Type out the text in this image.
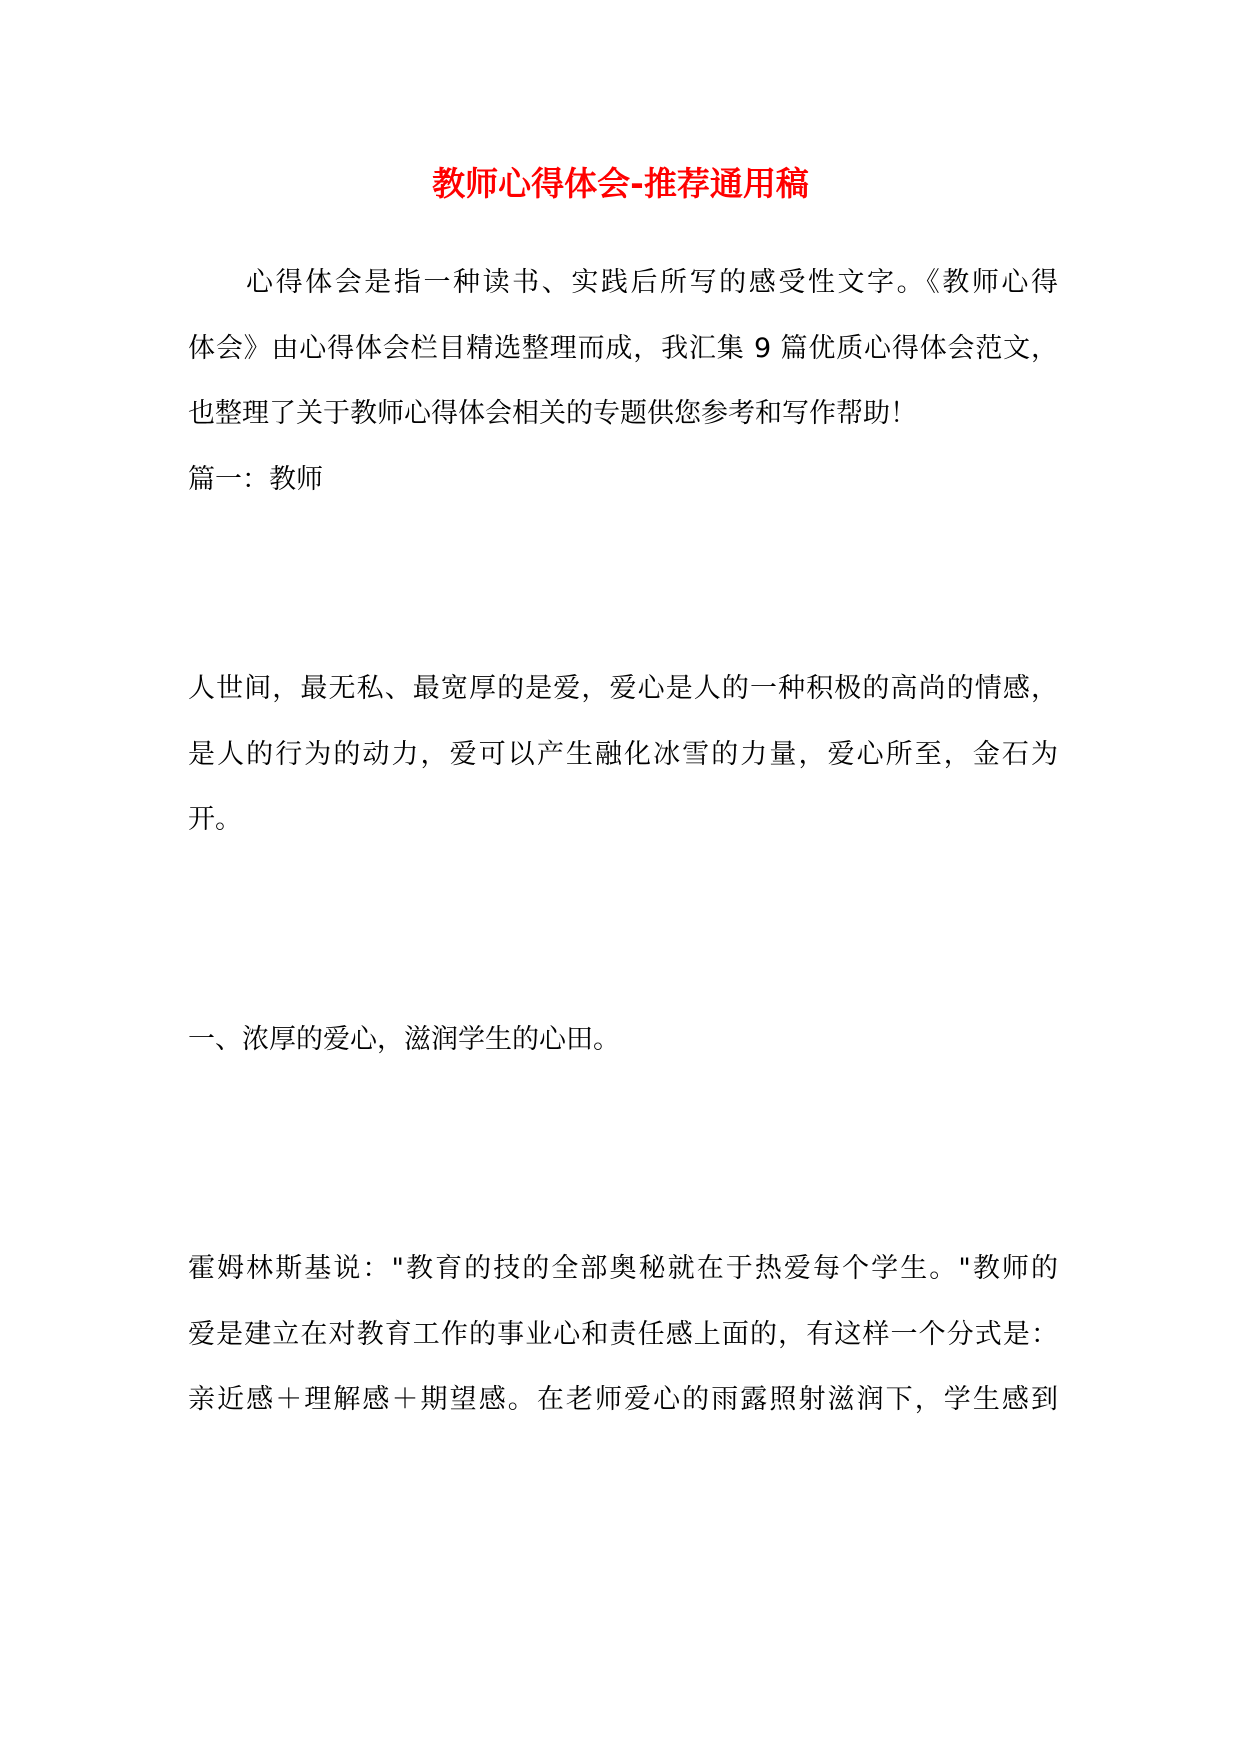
教师心得体会-推荐通用稿
心得体会是指一种读书、实践后所写的感受性文字。《教师心得
体会》由心得体会栏目精选整理而成，我汇集 9 篇优质心得体会范文，
也整理了关于教师心得体会相关的专题供您参考和写作帮助！
篇一：教师
人世间，最无私、最宽厚的是爱，爱心是人的一种积极的高尚的情感，
是人的行为的动力，爱可以产生融化冰雪的力量，爱心所至，金石为
开。
一、浓厚的爱心，滋润学生的心田。
霍姆林斯基说："教育的技的全部奥秘就在于热爱每个学生。"教师的
爱是建立在对教育工作的事业心和责任感上面的，有这样一个分式是：
亲近感＋理解感＋期望感。在老师爱心的雨露照射滋润下，学生感到
